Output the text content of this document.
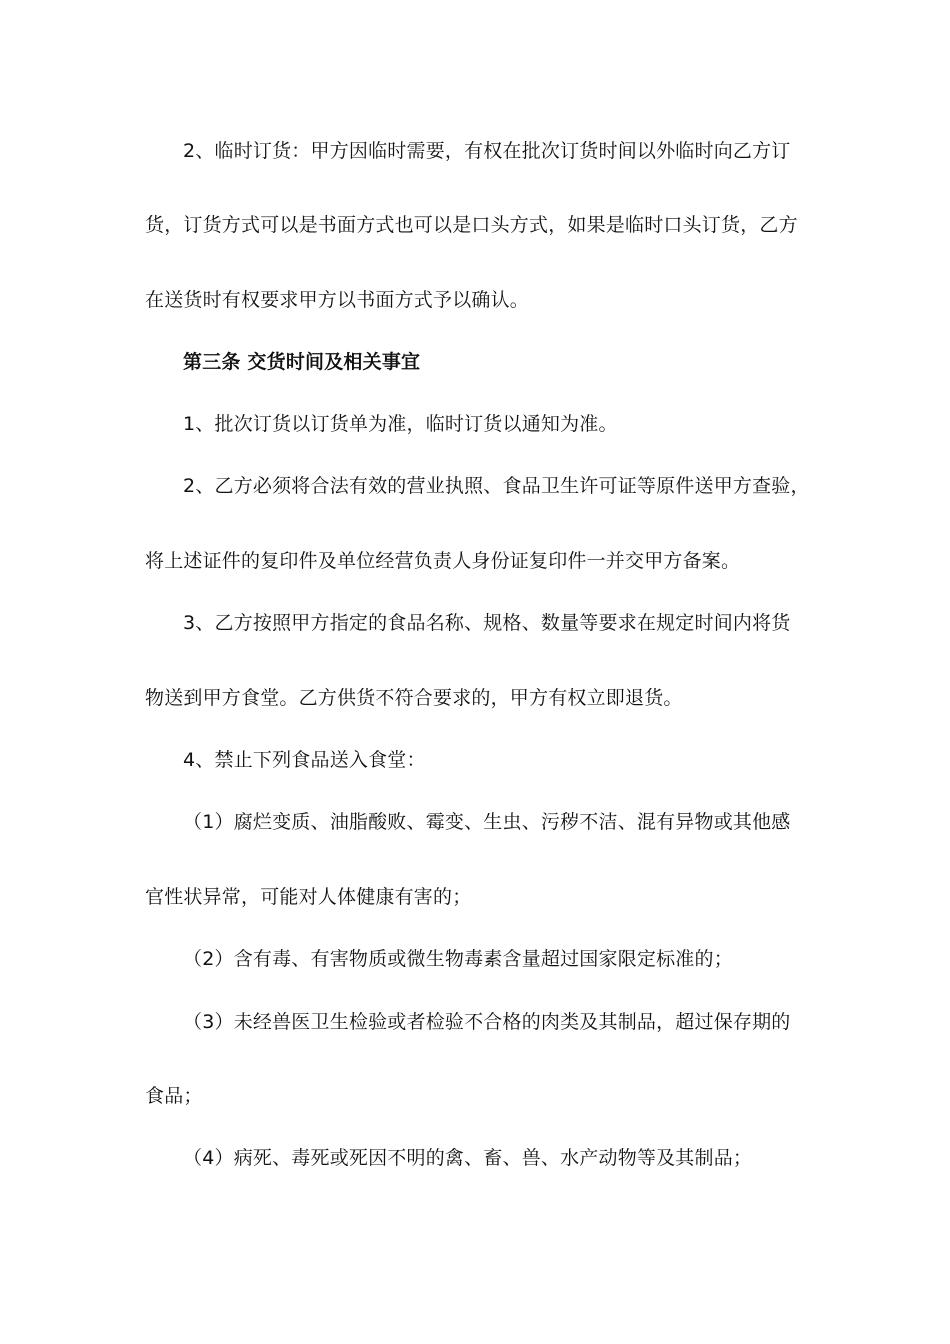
2、临时订货：甲方因临时需要，有权在批次订货时间以外临时向乙方订
货，订货方式可以是书面方式也可以是口头方式，如果是临时口头订货，乙方
在送货时有权要求甲方以书面方式予以确认。
第三条 交货时间及相关事宜
1、批次订货以订货单为准，临时订货以通知为准。
2、乙方必须将合法有效的营业执照、食品卫生许可证等原件送甲方查验，
将上述证件的复印件及单位经营负责人身份证复印件一并交甲方备案。
3、乙方按照甲方指定的食品名称、规格、数量等要求在规定时间内将货
物送到甲方食堂。乙方供货不符合要求的，甲方有权立即退货。
4、禁止下列食品送入食堂：
（1）腐烂变质、油脂酸败、霉变、生虫、污秽不洁、混有异物或其他感
官性状异常，可能对人体健康有害的；
（2）含有毒、有害物质或微生物毒素含量超过国家限定标准的；
（3）未经兽医卫生检验或者检验不合格的肉类及其制品，超过保存期的
食品；
（4）病死、毒死或死因不明的禽、畜、兽、水产动物等及其制品；
